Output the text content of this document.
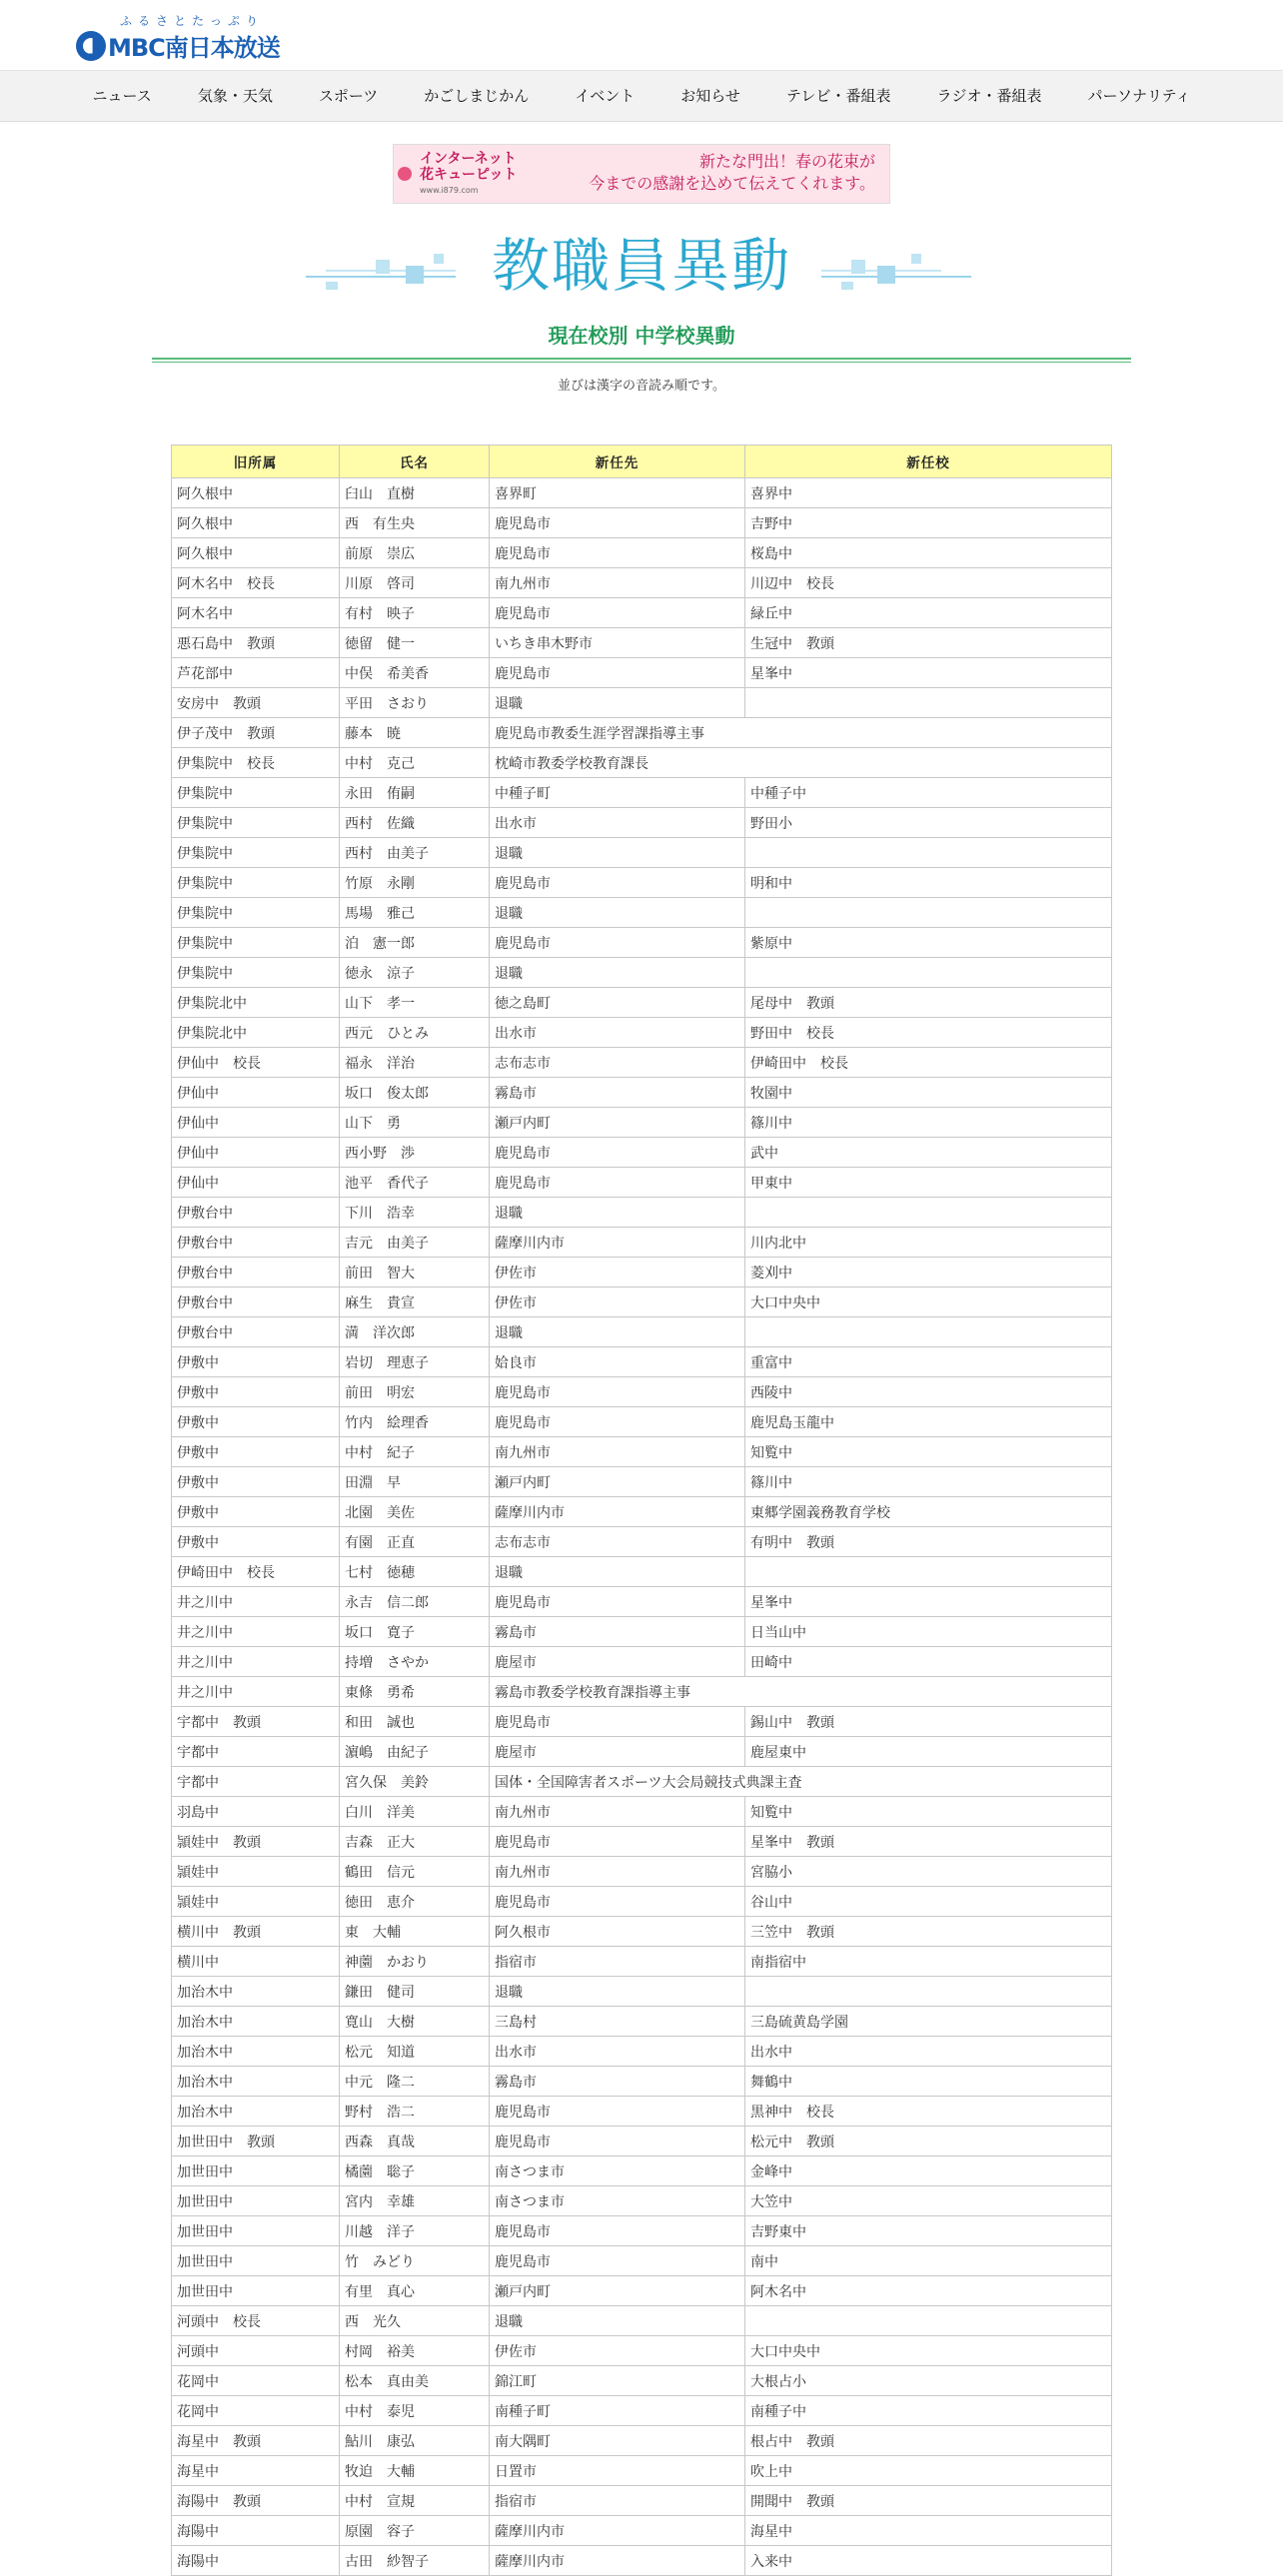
ふるさとたっぷり
MBC南日本放送
ニュース	気象・天気	スポーツ	かごしまじかん	イベント	お知らせ	テレビ・番組表	ラジオ・番組表	パーソナリティ
インターネット
花キューピット
www.i879.com
新たな門出！春の花束が
今までの感謝を込めて伝えてくれます。
教職員異動
現在校別 中学校異動
並びは漢字の音読み順です。
旧所属	氏名	新任先	新任校
阿久根中	臼山　直樹	喜界町	喜界中
阿久根中	西　有生央	鹿児島市	吉野中
阿久根中	前原　崇広	鹿児島市	桜島中
阿木名中　校長	川原　啓司	南九州市	川辺中　校長
阿木名中	有村　映子	鹿児島市	緑丘中
悪石島中　教頭	徳留　健一	いちき串木野市	生冠中　教頭
芦花部中	中俣　希美香	鹿児島市	星峯中
安房中　教頭	平田　さおり	退職	
伊子茂中　教頭	藤本　暁	鹿児島市教委生涯学習課指導主事	
伊集院中　校長	中村　克己	枕崎市教委学校教育課長	
伊集院中	永田　侑嗣	中種子町	中種子中
伊集院中	西村　佐織	出水市	野田小
伊集院中	西村　由美子	退職	
伊集院中	竹原　永剛	鹿児島市	明和中
伊集院中	馬場　雅己	退職	
伊集院中	泊　憲一郎	鹿児島市	紫原中
伊集院中	徳永　涼子	退職	
伊集院北中	山下　孝一	徳之島町	尾母中　教頭
伊集院北中	西元　ひとみ	出水市	野田中　校長
伊仙中　校長	福永　洋治	志布志市	伊崎田中　校長
伊仙中	坂口　俊太郎	霧島市	牧園中
伊仙中	山下　勇	瀬戸内町	篠川中
伊仙中	西小野　渉	鹿児島市	武中
伊仙中	池平　香代子	鹿児島市	甲東中
伊敷台中	下川　浩幸	退職	
伊敷台中	吉元　由美子	薩摩川内市	川内北中
伊敷台中	前田　智大	伊佐市	菱刈中
伊敷台中	麻生　貴宣	伊佐市	大口中央中
伊敷台中	満　洋次郎	退職	
伊敷中	岩切　理恵子	姶良市	重富中
伊敷中	前田　明宏	鹿児島市	西陵中
伊敷中	竹内　絵理香	鹿児島市	鹿児島玉龍中
伊敷中	中村　紀子	南九州市	知覧中
伊敷中	田淵　早	瀬戸内町	篠川中
伊敷中	北園　美佐	薩摩川内市	東郷学園義務教育学校
伊敷中	有園　正直	志布志市	有明中　教頭
伊崎田中　校長	七村　徳穂	退職	
井之川中	永吉　信二郎	鹿児島市	星峯中
井之川中	坂口　寛子	霧島市	日当山中
井之川中	持増　さやか	鹿屋市	田崎中
井之川中	東條　勇希	霧島市教委学校教育課指導主事	
宇都中　教頭	和田　誠也	鹿児島市	錫山中　教頭
宇都中	濵嶋　由紀子	鹿屋市	鹿屋東中
宇都中	宮久保　美鈴	国体・全国障害者スポーツ大会局競技式典課主査	
羽島中	白川　洋美	南九州市	知覧中
頴娃中　教頭	吉森　正大	鹿児島市	星峯中　教頭
頴娃中	鶴田　信元	南九州市	宮脇小
頴娃中	徳田　恵介	鹿児島市	谷山中
横川中　教頭	東　大輔	阿久根市	三笠中　教頭
横川中	神薗　かおり	指宿市	南指宿中
加治木中	鎌田　健司	退職	
加治木中	寛山　大樹	三島村	三島硫黄島学園
加治木中	松元　知道	出水市	出水中
加治木中	中元　隆二	霧島市	舞鶴中
加治木中	野村　浩二	鹿児島市	黒神中　校長
加世田中　教頭	西森　真哉	鹿児島市	松元中　教頭
加世田中	橘薗　聡子	南さつま市	金峰中
加世田中	宮内　幸雄	南さつま市	大笠中
加世田中	川越　洋子	鹿児島市	吉野東中
加世田中	竹　みどり	鹿児島市	南中
加世田中	有里　真心	瀬戸内町	阿木名中
河頭中　校長	西　光久	退職	
河頭中	村岡　裕美	伊佐市	大口中央中
花岡中	松本　真由美	錦江町	大根占小
花岡中	中村　泰児	南種子町	南種子中
海星中　教頭	鮎川　康弘	南大隅町	根占中　教頭
海星中	牧迫　大輔	日置市	吹上中
海陽中　教頭	中村　宣規	指宿市	開聞中　教頭
海陽中	原園　容子	薩摩川内市	海星中
海陽中	古田　紗智子	薩摩川内市	入来中
